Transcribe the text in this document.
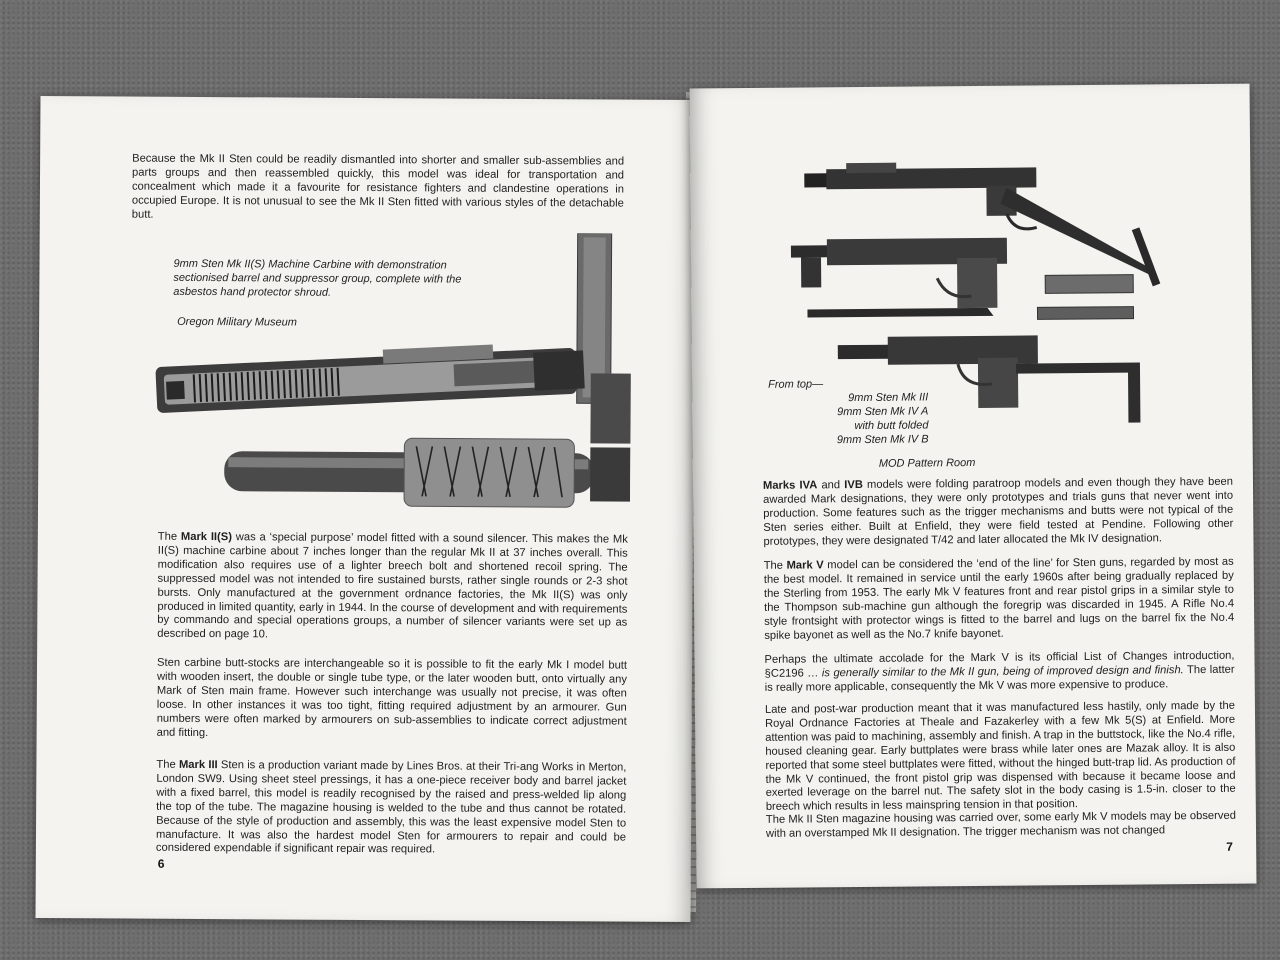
Because the Mk II Sten could be readily dismantled into shorter and smaller sub-assemblies and parts groups and then reassembled quickly, this model was ideal for transportation and concealment which made it a favourite for resistance fighters and clandestine operations in occupied Europe. It is not unusual to see the Mk II Sten fitted with various styles of the detachable butt.
9mm Sten Mk II(S) Machine Carbine with demonstration sectionised barrel and suppressor group, complete with the asbestos hand protector shroud.
Oregon Military Museum

The Mark II(S) was a ‘special purpose’ model fitted with a sound silencer. This makes the Mk II(S) machine carbine about 7 inches longer than the regular Mk II at 37 inches overall. This modification also requires use of a lighter breech bolt and shortened recoil spring. The suppressed model was not intended to fire sustained bursts, rather single rounds or 2-3 shot bursts. Only manufactured at the government ordnance factories, the Mk II(S) was only produced in limited quantity, early in 1944. In the course of development and with requirements by commando and special operations groups, a number of silencer variants were set up as described on page 10.

Sten carbine butt-stocks are interchangeable so it is possible to fit the early Mk I model butt with wooden insert, the double or single tube type, or the later wooden butt, onto virtually any Mark of Sten main frame. However such interchange was usually not precise, it was often loose. In other instances it was too tight, fitting required adjustment by an armourer. Gun numbers were often marked by armourers on sub-assemblies to indicate correct adjustment and fitting.

The Mark III Sten is a production variant made by Lines Bros. at their Tri-ang Works in Merton, London SW9. Using sheet steel pressings, it has a one-piece receiver body and barrel jacket with a fixed barrel, this model is readily recognised by the raised and press-welded lip along the top of the tube. The magazine housing is welded to the tube and thus cannot be rotated. Because of the style of production and assembly, this was the least expensive model Sten to manufacture. It was also the hardest model Sten for armourers to repair and could be considered expendable if significant repair was required.

6
From top—
9mm Sten Mk III
9mm Sten Mk IV A
with butt folded
9mm Sten Mk IV B
MOD Pattern Room

Marks IVA and IVB models were folding paratroop models and even though they have been awarded Mark designations, they were only prototypes and trials guns that never went into production. Some features such as the trigger mechanisms and butts were not typical of the Sten series either. Built at Enfield, they were field tested at Pendine. Following other prototypes, they were designated T/42 and later allocated the Mk IV designation.

The Mark V model can be considered the ‘end of the line’ for Sten guns, regarded by most as the best model. It remained in service until the early 1960s after being gradually replaced by the Sterling from 1953. The early Mk V features front and rear pistol grips in a similar style to the Thompson sub-machine gun although the foregrip was discarded in 1945. A Rifle No.4 style frontsight with protector wings is fitted to the barrel and lugs on the barrel fix the No.4 spike bayonet as well as the No.7 knife bayonet.

Perhaps the ultimate accolade for the Mark V is its official List of Changes introduction, §C2196 … is generally similar to the Mk II gun, being of improved design and finish. The latter is really more applicable, consequently the Mk V was more expensive to produce.

Late and post-war production meant that it was manufactured less hastily, only made by the Royal Ordnance Factories at Theale and Fazakerley with a few Mk 5(S) at Enfield. More attention was paid to machining, assembly and finish. A trap in the buttstock, like the No.4 rifle, housed cleaning gear. Early buttplates were brass while later ones are Mazak alloy. It is also reported that some steel buttplates were fitted, without the hinged butt-trap lid. As production of the Mk V continued, the front pistol grip was dispensed with because it became loose and exerted leverage on the barrel nut. The safety slot in the body casing is 1.5-in. closer to the breech which results in less mainspring tension in that position.
The Mk II Sten magazine housing was carried over, some early Mk V models may be observed with an overstamped Mk II designation. The trigger mechanism was not changed
7
